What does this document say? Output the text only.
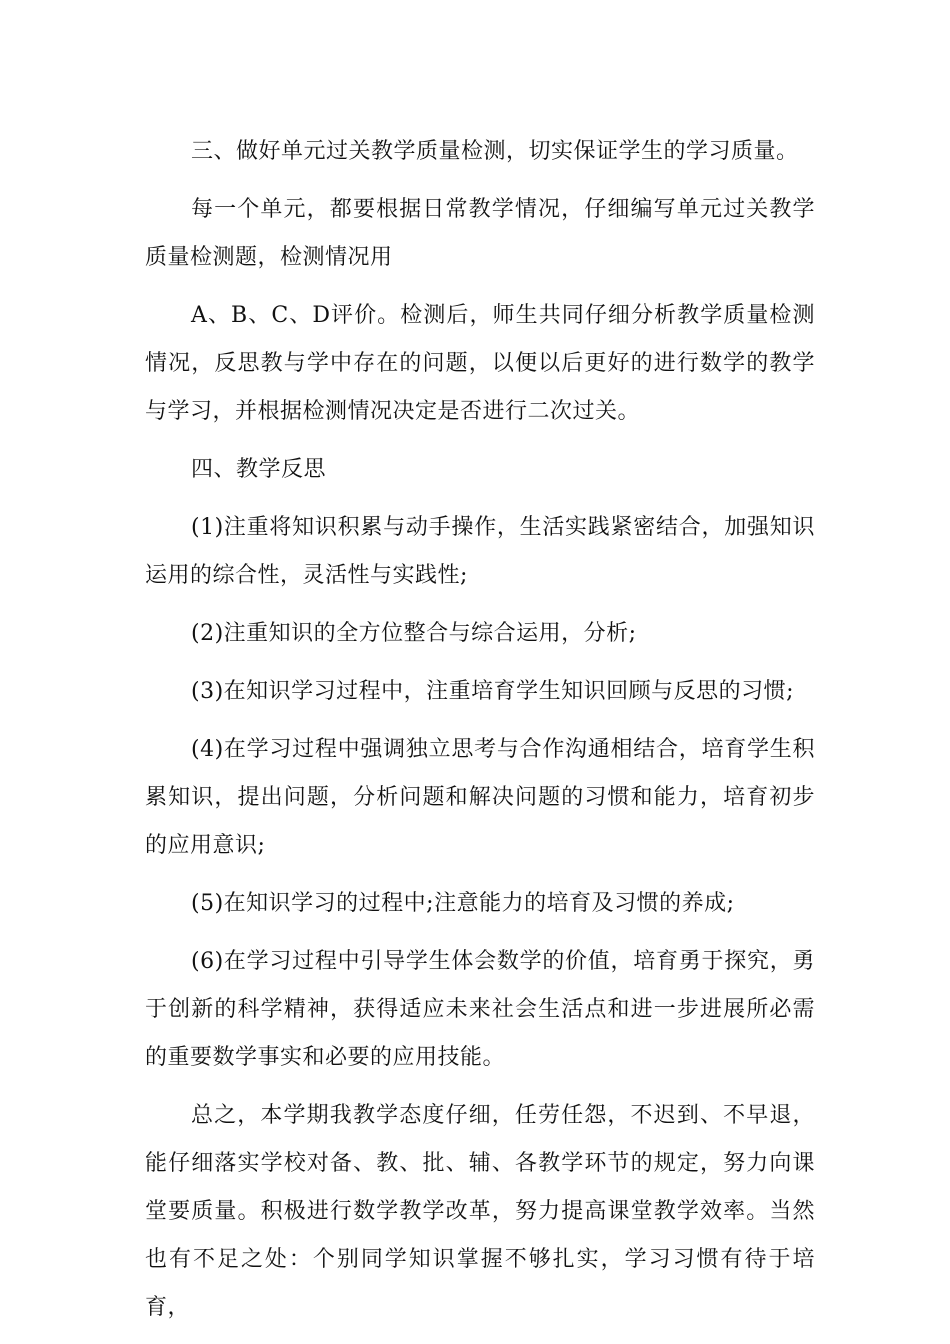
三、做好单元过关教学质量检测，切实保证学生的学习质量。

每一个单元，都要根据日常教学情况，仔细编写单元过关教学质量检测题，检测情况用

A、B、C、D评价。检测后，师生共同仔细分析教学质量检测情况，反思教与学中存在的问题，以便以后更好的进行数学的教学与学习，并根据检测情况决定是否进行二次过关。

四、教学反思

(1)注重将知识积累与动手操作，生活实践紧密结合，加强知识运用的综合性，灵活性与实践性;

(2)注重知识的全方位整合与综合运用，分析;

(3)在知识学习过程中，注重培育学生知识回顾与反思的习惯;

(4)在学习过程中强调独立思考与合作沟通相结合，培育学生积累知识，提出问题，分析问题和解决问题的习惯和能力，培育初步的应用意识;

(5)在知识学习的过程中;注意能力的培育及习惯的养成;

(6)在学习过程中引导学生体会数学的价值，培育勇于探究，勇于创新的科学精神，获得适应未来社会生活点和进一步进展所必需的重要数学事实和必要的应用技能。

总之，本学期我教学态度仔细，任劳任怨，不迟到、不早退，能仔细落实学校对备、教、批、辅、各教学环节的规定，努力向课堂要质量。积极进行数学教学改革，努力提高课堂教学效率。当然也有不足之处：个别同学知识掌握不够扎实，学习习惯有待于培育，
